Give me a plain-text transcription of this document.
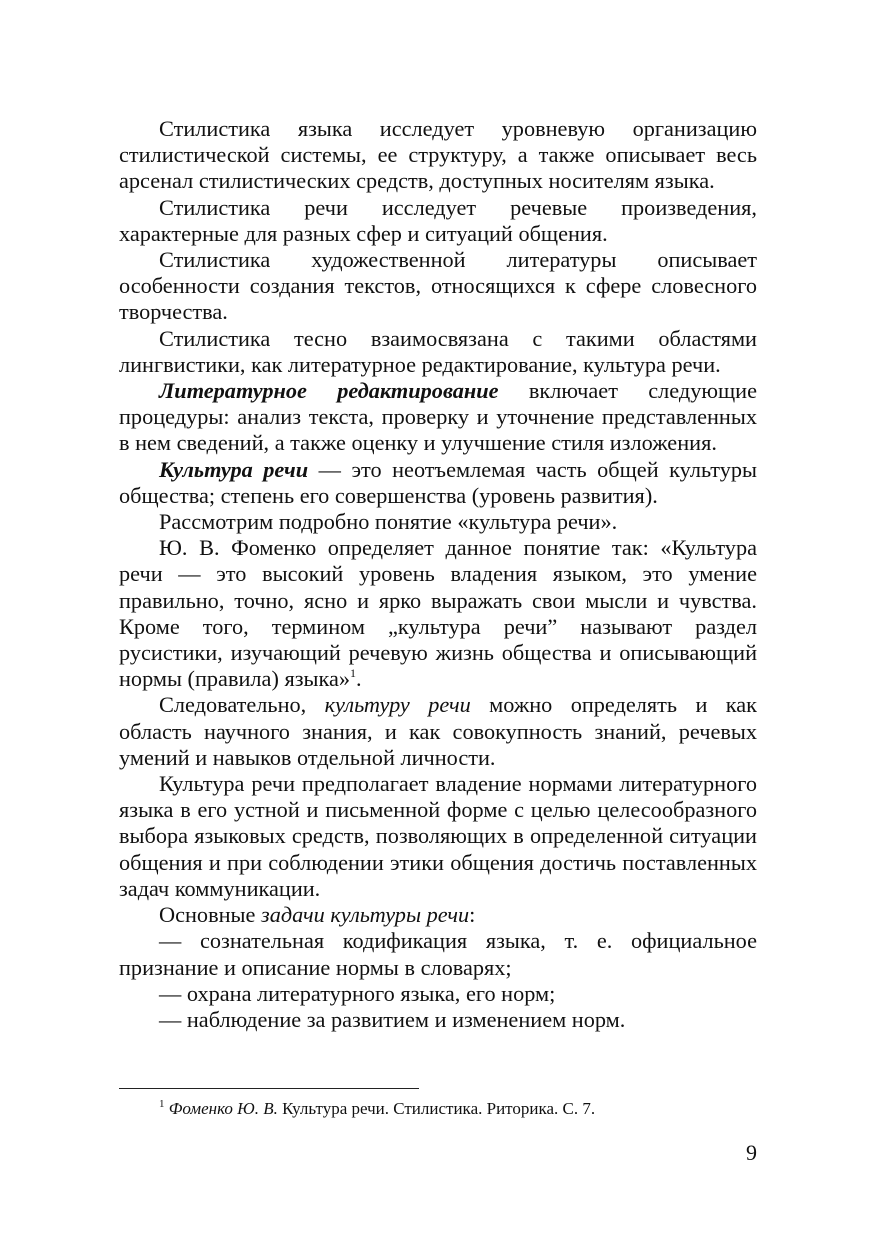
Стилистика языка исследует уровневую организацию стилистической системы, ее структуру, а также описывает весь арсенал стилистических средств, доступных носителям языка.

Стилистика речи исследует речевые произведения, характерные для разных сфер и ситуаций общения.

Стилистика художественной литературы описывает особенности создания текстов, относящихся к сфере словесного творчества.

Стилистика тесно взаимосвязана с такими областями лингвистики, как литературное редактирование, культура речи.

Литературное редактирование включает следующие процедуры: анализ текста, проверку и уточнение представленных в нем сведений, а также оценку и улучшение стиля изложения.

Культура речи — это неотъемлемая часть общей культуры общества; степень его совершенства (уровень развития).

Рассмотрим подробно понятие «культура речи».

Ю. В. Фоменко определяет данное понятие так: «Культура речи — это высокий уровень владения языком, это умение правильно, точно, ясно и ярко выражать свои мысли и чувства. Кроме того, термином „культура речи” называют раздел русистики, изучающий речевую жизнь общества и описывающий нормы (правила) языка»$^1$.

Следовательно, культуру речи можно определять и как область научного знания, и как совокупность знаний, речевых умений и навыков отдельной личности.

Культура речи предполагает владение нормами литературного языка в его устной и письменной форме с целью целесообразного выбора языковых средств, позволяющих в определенной ситуации общения и при соблюдении этики общения достичь поставленных задач коммуникации.

Основные задачи культуры речи:

— сознательная кодификация языка, т. е. официальное признание и описание нормы в словарях;

— охрана литературного языка, его норм;

— наблюдение за развитием и изменением норм.

$^1$ Фоменко Ю. В. Культура речи. Стилистика. Риторика. С. 7.
9
